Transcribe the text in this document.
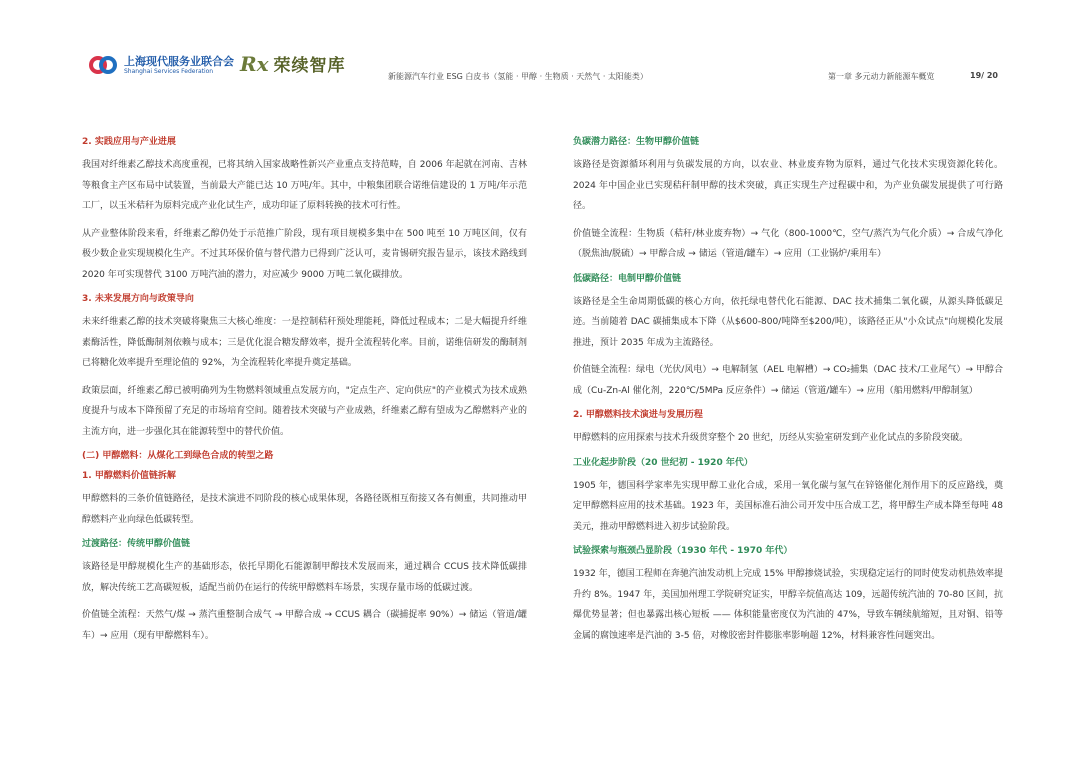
上海现代服务业联合会
Shanghai Services Federation	Rx 荣续智库
新能源汽车行业 ESG 白皮书（氢能 · 甲醇 · 生物质 · 天然气 · 太阳能类）	第一章 多元动力新能源车概览	19/ 20
2. 实践应用与产业进展

我国对纤维素乙醇技术高度重视，已将其纳入国家战略性新兴产业重点支持范畴，自 2006 年起就在河南、吉林等粮食主产区布局中试装置，当前最大产能已达 10 万吨/年。其中，中粮集团联合诺维信建设的 1 万吨/年示范工厂，以玉米秸秆为原料完成产业化试生产，成功印证了原料转换的技术可行性。

从产业整体阶段来看，纤维素乙醇仍处于示范推广阶段，现有项目规模多集中在 500 吨至 10 万吨区间，仅有极少数企业实现规模化生产。不过其环保价值与替代潜力已得到广泛认可，麦肯锡研究报告显示，该技术路线到 2020 年可实现替代 3100 万吨汽油的潜力，对应减少 9000 万吨二氧化碳排放。

3. 未来发展方向与政策导向

未来纤维素乙醇的技术突破将聚焦三大核心维度：一是控制秸秆预处理能耗，降低过程成本；二是大幅提升纤维素酶活性，降低酶制剂依赖与成本；三是优化混合糖发酵效率，提升全流程转化率。目前，诺维信研发的酶制剂已将糖化效率提升至理论值的 92%，为全流程转化率提升奠定基础。

政策层面，纤维素乙醇已被明确列为生物燃料领域重点发展方向，"定点生产、定向供应"的产业模式为技术成熟度提升与成本下降预留了充足的市场培育空间。随着技术突破与产业成熟，纤维素乙醇有望成为乙醇燃料产业的主流方向，进一步强化其在能源转型中的替代价值。

(二) 甲醇燃料：从煤化工到绿色合成的转型之路
1. 甲醇燃料价值链拆解

甲醇燃料的三条价值链路径，是技术演进不同阶段的核心成果体现，各路径既相互衔接又各有侧重，共同推动甲醇燃料产业向绿色低碳转型。

过渡路径：传统甲醇价值链

该路径是甲醇规模化生产的基础形态，依托早期化石能源制甲醇技术发展而来，通过耦合 CCUS 技术降低碳排放，解决传统工艺高碳短板，适配当前仍在运行的传统甲醇燃料车场景，实现存量市场的低碳过渡。

价值链全流程：天然气/煤 → 蒸汽重整制合成气 → 甲醇合成 → CCUS 耦合（碳捕捉率 90%）→ 储运（管道/罐车）→ 应用（现有甲醇燃料车）。

负碳潜力路径：生物甲醇价值链

该路径是资源循环利用与负碳发展的方向，以农业、林业废弃物为原料，通过气化技术实现资源化转化。2024 年中国企业已实现秸秆制甲醇的技术突破，真正实现生产过程碳中和，为产业负碳发展提供了可行路径。

价值链全流程：生物质（秸秆/林业废弃物）→ 气化（800-1000℃，空气/蒸汽为气化介质）→ 合成气净化（脱焦油/脱硫）→ 甲醇合成 → 储运（管道/罐车）→ 应用（工业锅炉/乘用车）

低碳路径：电制甲醇价值链

该路径是全生命周期低碳的核心方向，依托绿电替代化石能源、DAC 技术捕集二氧化碳，从源头降低碳足迹。当前随着 DAC 碳捕集成本下降（从$600-800/吨降至$200/吨），该路径正从"小众试点"向规模化发展推进，预计 2035 年成为主流路径。

价值链全流程：绿电（光伏/风电）→ 电解制氢（AEL 电解槽）→ CO₂捕集（DAC 技术/工业尾气）→ 甲醇合成（Cu-Zn-Al 催化剂，220℃/5MPa 反应条件）→ 储运（管道/罐车）→ 应用（船用燃料/甲醇制氢）

2. 甲醇燃料技术演进与发展历程

甲醇燃料的应用探索与技术升级贯穿整个 20 世纪，历经从实验室研发到产业化试点的多阶段突破。

工业化起步阶段（20 世纪初 - 1920 年代）

1905 年，德国科学家率先实现甲醇工业化合成，采用一氧化碳与氢气在锌铬催化剂作用下的反应路线，奠定甲醇燃料应用的技术基础。1923 年，美国标准石油公司开发中压合成工艺，将甲醇生产成本降至每吨 48 美元，推动甲醇燃料进入初步试验阶段。

试验探索与瓶颈凸显阶段（1930 年代 - 1970 年代）

1932 年，德国工程师在奔驰汽油发动机上完成 15% 甲醇掺烧试验，实现稳定运行的同时使发动机热效率提升约 8%。1947 年，美国加州理工学院研究证实，甲醇辛烷值高达 109，远超传统汽油的 70-80 区间，抗爆优势显著；但也暴露出核心短板 —— 体积能量密度仅为汽油的 47%，导致车辆续航缩短，且对铜、铅等金属的腐蚀速率是汽油的 3-5 倍，对橡胶密封件膨胀率影响超 12%，材料兼容性问题突出。
